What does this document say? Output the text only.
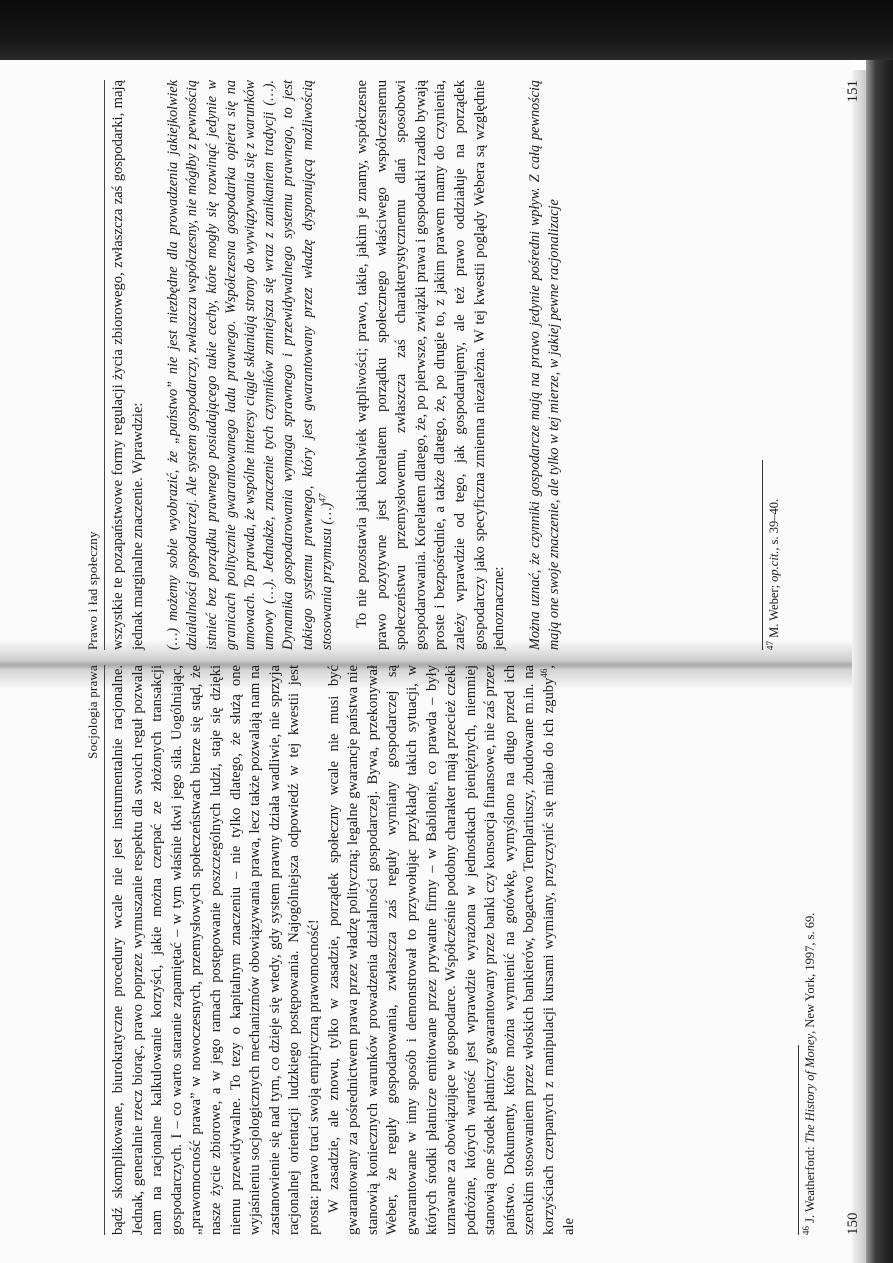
Socjologia prawa bądź skomplikowane, biurokratyczne procedury wcale nie jest instrumentalnie racjonalne. Jednak, generalnie rzecz biorąc, prawo poprzez wymuszanie respektu dla swoich reguł pozwala nam na racjonalne kalkulowanie korzyści, jakie można czerpać ze złożonych transakcji gospodarczych. I – co warto staranie zapamiętać – w tym właśnie tkwi jego siła. Uogólniając, „prawomocność prawa” w nowoczesnych, przemysłowych społeczeństwach bierze się stąd, że nasze życie zbiorowe, a w jego ramach postępowanie poszczególnych ludzi, staje się dzięki niemu przewidywalne. To tezy o kapitalnym znaczeniu – nie tylko dlatego, że służą one wyjaśnieniu socjologicznych mechanizmów obowiązywania prawa, lecz także pozwalają nam na zastanowienie się nad tym, co dzieje się wtedy, gdy system prawny działa wadliwie, nie sprzyja racjonalnej orientacji ludzkiego postępowania. Najogólniejsza odpowiedź w tej kwestii jest prosta: prawo traci swoją empiryczną prawomocność! W zasadzie, ale znowu, tylko w zasadzie, porządek społeczny wcale nie musi być gwarantowany za pośrednictwem prawa przez władzę polityczną; legalne gwarancje państwa nie stanowią koniecznych warunków prowadzenia działalności gospodarczej. Bywa, przekonywał Weber, że reguły gospodarowania, zwłaszcza zaś reguły wymiany gospodarczej są gwarantowane w inny sposób i demonstrował to przywołując przykłady takich sytuacji, w których środki płatnicze emitowane przez prywatne firmy – w Babilonie, co prawda – były uznawane za obowiązujące w gospodarce. Współcześnie podobny charakter mają przecież czeki podróżne, których wartość jest wprawdzie wyrażona w jednostkach pieniężnych, niemniej stanowią one środek płatniczy gwarantowany przez banki czy konsorcja finansowe, nie zaś przez państwo. Dokumenty, które można wymienić na gotówkę, wymyślono na długo przed ich szerokim stosowaniem przez włoskich bankierów, bogactwo Templariuszy, zbudowane m.in. na korzyściach czerpanych z manipulacji kursami wymiany, przyczynić się miało do ich zguby$^{46}$, ale	$^{46}$ J. Weatherford: The History of Money, New York, 1997, s. 69.
150
Prawo i ład społeczny wszystkie te pozapaństwowe formy regulacji życia zbiorowego, zwłaszcza zaś gospodarki, mają jednak marginalne znaczenie. Wprawdzie: (…) możemy sobie wyobrazić, że „państwo” nie jest niezbędne dla prowadzenia jakiejkolwiek działalności gospodarczej. Ale system gospodarczy, zwłaszcza współczesny, nie mógłby z pewnością istnieć bez porządku prawnego posiadającego takie cechy, które mogły się rozwinąć jedynie w granicach politycznie gwarantowanego ładu prawnego. Współczesna gospodarka opiera się na umowach. To prawda, że wspólne interesy ciągle skłaniają strony do wywiązywania się z warunków umowy (…). Jednakże, znaczenie tych czynników zmniejsza się wraz z zanikaniem tradycji (…). Dynamika gospodarowania wymaga sprawnego i przewidywalnego systemu prawnego, to jest takiego systemu prawnego, który jest gwarantowany przez władzę dysponującą możliwością stosowania przymusu (…)$^{47}$	To nie pozostawia jakichkolwiek wątpliwości; prawo, takie, jakim je znamy, współczesne prawo pozytywne jest korelatem porządku społecznego właściwego współczesnemu społeczeństwu przemysłowemu, zwłaszcza zaś charakterystycznemu dlań sposobowi gospodarowania. Korelatem dlatego, że, po pierwsze, związki prawa i gospodarki rzadko bywają proste i bezpośrednie, a także dlatego, że, po drugie to, z jakim prawem mamy do czynienia, zależy wprawdzie od tego, jak gospodarujemy, ale też prawo oddziałuje na porządek gospodarczy jako specyficzna zmienna niezależna. W tej kwestii poglądy Webera są względnie jednoznaczne: Można uznać, że czynniki gospodarcze mają na prawo jedynie pośredni wpływ. Z całą pewnością mają one swoje znaczenie, ale tylko w tej mierze, w jakiej pewne racjonalizacje	$^{47}$ M. Weber; op.cit., s. 39–40.
151
